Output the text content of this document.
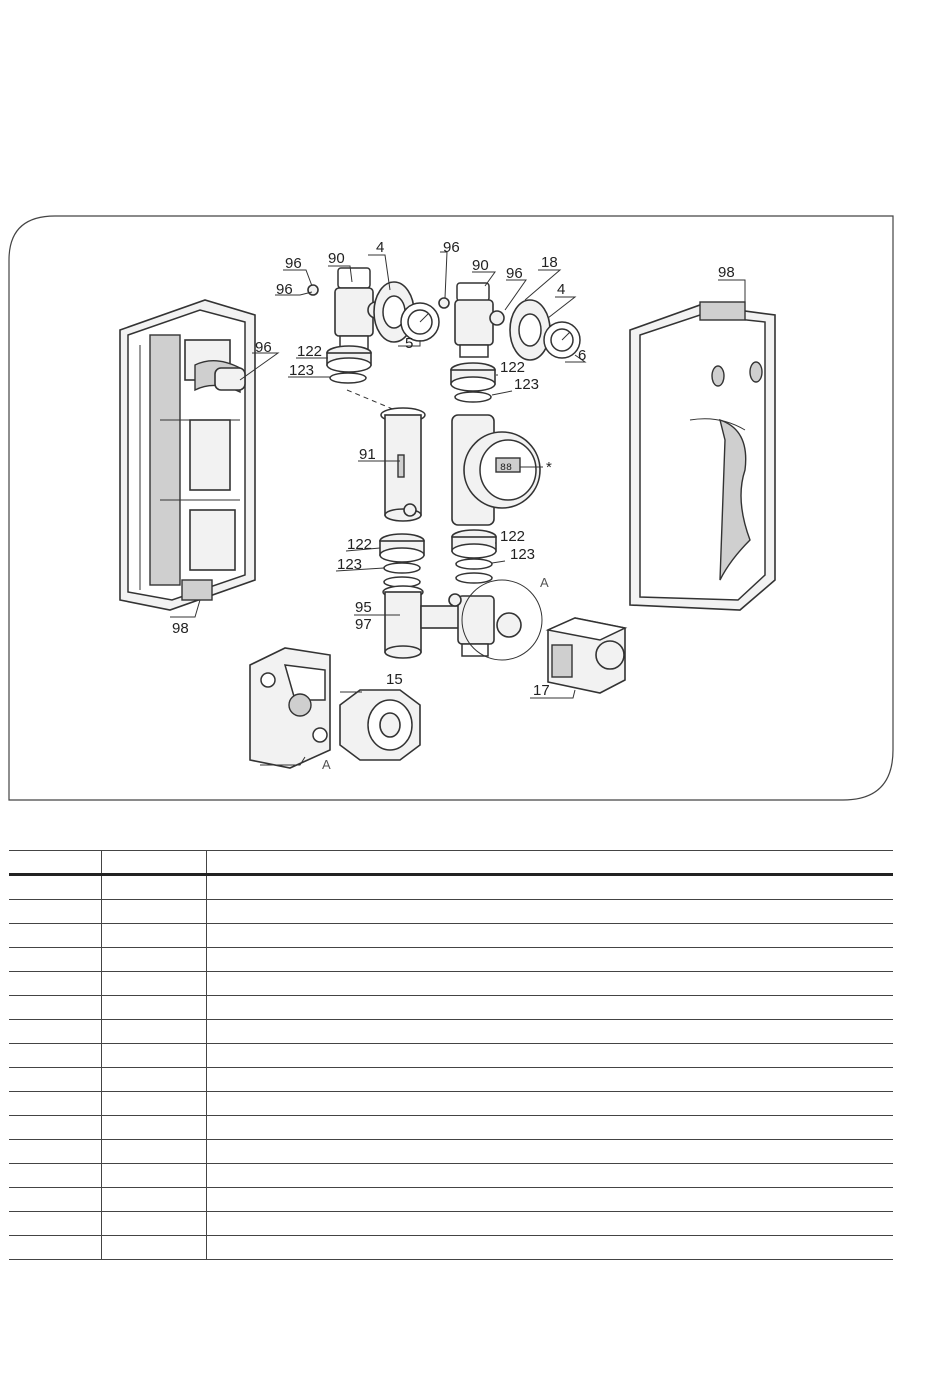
88
90
4	96
90	18
96
96
96	4
96
98
122
123
5
122
123
6
91
*
122
123
122
123
95
97
98
A
15
17
A
